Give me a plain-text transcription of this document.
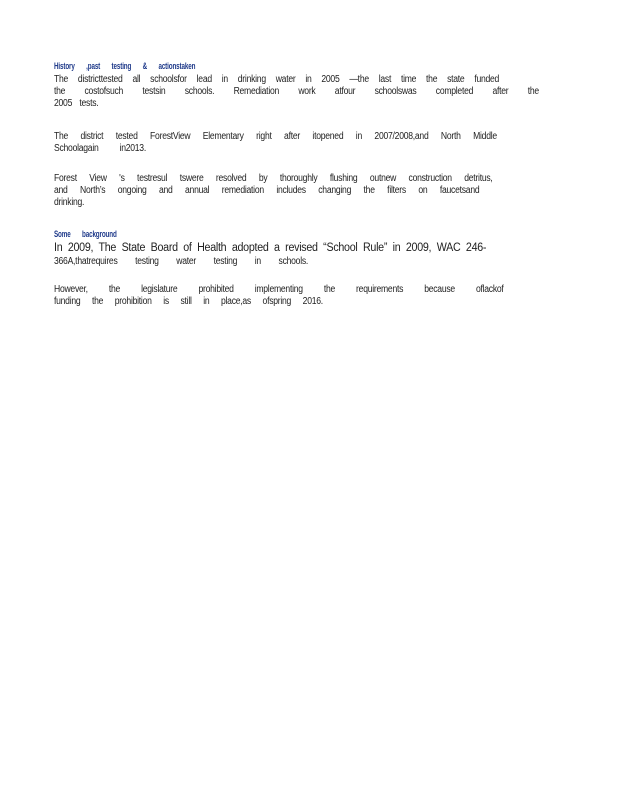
History ,past testing & actionstaken
The districttested all schoolsfor lead in drinking water in 2005 —the last time the state funded
the costofsuch testsin schools. Remediation work atfour schoolswas completed after the
2005 tests.
The district tested ForestView Elementary right after itopened in 2007/2008,and North Middle
Schoolagain in2013.
Forest View 's testresul tswere resolved by thoroughly flushing outnew construction detritus,
and North’s ongoing and annual remediation includes changing the filters on faucetsand
drinking.
Some background
In 2009, The State Board of Health adopted a revised “School Rule” in 2009, WAC 246-
366A,thatrequires testing water testing in schools.
However, the legislature prohibited implementing the requirements because oflackof
funding the prohibition is still in place,as ofspring 2016.
